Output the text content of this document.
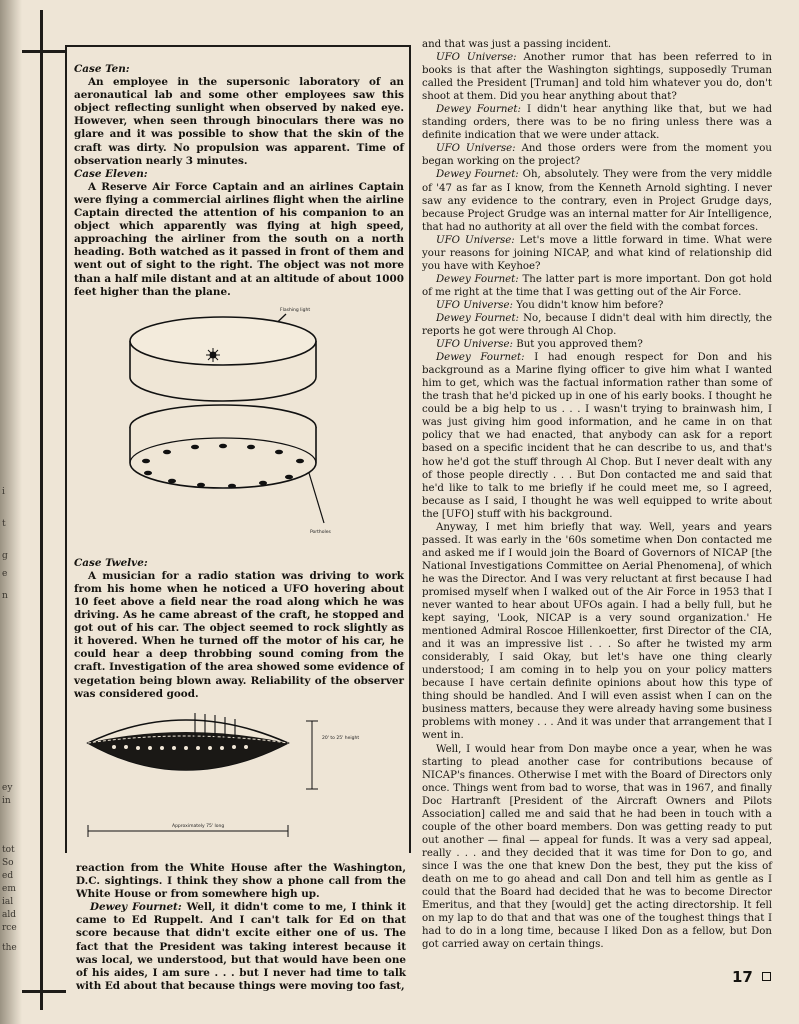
i
t
g
e
n
ey
in
tot
So
ed
em
ial
ald
rce
the

Case Ten:

An employee in the supersonic laboratory of an aeronautical lab and some other employees saw this object reflecting sunlight when observed by naked eye. However, when seen through binoculars there was no glare and it was possible to show that the skin of the craft was dirty. No propulsion was apparent. Time of observation nearly 3 minutes.

Case Eleven:

A Reserve Air Force Captain and an airlines Captain were flying a commercial airlines flight when the airline Captain directed the attention of his companion to an object which apparently was flying at high speed, approaching the airliner from the south on a north heading. Both watched as it passed in front of them and went out of sight to the right. The object was not more than a half mile distant and at an altitude of about 1000 feet higher than the plane.

Flashing light
Portholes

Case Twelve:

A musician for a radio station was driving to work from his home when he noticed a UFO hovering about 10 feet above a field near the road along which he was driving. As he came abreast of the craft, he stopped and got out of his car. The object seemed to rock slightly as it hovered. When he turned off the motor of his car, he could hear a deep throbbing sound coming from the craft. Investigation of the area showed some evidence of vegetation being blown away. Reliability of the observer was considered good.

20' to 25' height
Approximately 75' long

reaction from the White House after the Washington, D.C. sightings. I think they show a phone call from the White House or from somewhere high up.

Dewey Fournet: Well, it didn't come to me, I think it came to Ed Ruppelt. And I can't talk for Ed on that score because that didn't excite either one of us. The fact that the President was taking interest because it was local, we understood, but that would have been one of his aides, I am sure . . . but I never had time to talk with Ed about that because things were moving too fast,

and that was just a passing incident.

UFO Universe: Another rumor that has been referred to in books is that after the Washington sightings, supposedly Truman called the President [Truman] and told him whatever you do, don't shoot at them. Did you hear anything about that?

Dewey Fournet: I didn't hear anything like that, but we had standing orders, there was to be no firing unless there was a definite indication that we were under attack.

UFO Universe: And those orders were from the moment you began working on the project?

Dewey Fournet: Oh, absolutely. They were from the very middle of '47 as far as I know, from the Kenneth Arnold sighting. I never saw any evidence to the contrary, even in Project Grudge days, because Project Grudge was an internal matter for Air Intelligence, that had no authority at all over the field with the combat forces.

UFO Universe: Let's move a little forward in time. What were your reasons for joining NICAP, and what kind of relationship did you have with Keyhoe?

Dewey Fournet: The latter part is more important. Don got hold of me right at the time that I was getting out of the Air Force.

UFO Universe: You didn't know him before?

Dewey Fournet: No, because I didn't deal with him directly, the reports he got were through Al Chop.

UFO Universe: But you approved them?

Dewey Fournet: I had enough respect for Don and his background as a Marine flying officer to give him what I wanted him to get, which was the factual information rather than some of the trash that he'd picked up in one of his early books. I thought he could be a big help to us . . . I wasn't trying to brainwash him, I was just giving him good information, and he came in on that policy that we had enacted, that anybody can ask for a report based on a specific incident that he can describe to us, and that's how he'd got the stuff through Al Chop. But I never dealt with any of those people directly . . . But Don contacted me and said that he'd like to talk to me briefly if he could meet me, so I agreed, because as I said, I thought he was well equipped to write about the [UFO] stuff with his background.

Anyway, I met him briefly that way. Well, years and years passed. It was early in the '60s sometime when Don contacted me and asked me if I would join the Board of Governors of NICAP [the National Investigations Committee on Aerial Phenomena], of which he was the Director. And I was very reluctant at first because I had promised myself when I walked out of the Air Force in 1953 that I never wanted to hear about UFOs again. I had a belly full, but he kept saying, 'Look, NICAP is a very sound organization.' He mentioned Admiral Roscoe Hillenkoetter, first Director of the CIA, and it was an impressive list . . . So after he twisted my arm considerably, I said Okay, but let's have one thing clearly understood; I am coming in to help you on your policy matters because I have certain definite opinions about how this type of thing should be handled. And I will even assist when I can on the business matters, because they were already having some business problems with money . . . And it was under that arrangement that I went in.

Well, I would hear from Don maybe once a year, when he was starting to plead another case for contributions because of NICAP's finances. Otherwise I met with the Board of Directors only once. Things went from bad to worse, that was in 1967, and finally Doc Hartranft [President of the Aircraft Owners and Pilots Association] called me and said that he had been in touch with a couple of the other board members. Don was getting ready to put out another — final — appeal for funds. It was a very sad appeal, really . . . and they decided that it was time for Don to go, and since I was the one that knew Don the best, they put the kiss of death on me to go ahead and call Don and tell him as gentle as I could that the Board had decided that he was to become Director Emeritus, and that they [would] get the acting directorship. It fell on my lap to do that and that was one of the toughest things that I had to do in a long time, because I liked Don as a fellow, but Don got carried away on certain things.

17
